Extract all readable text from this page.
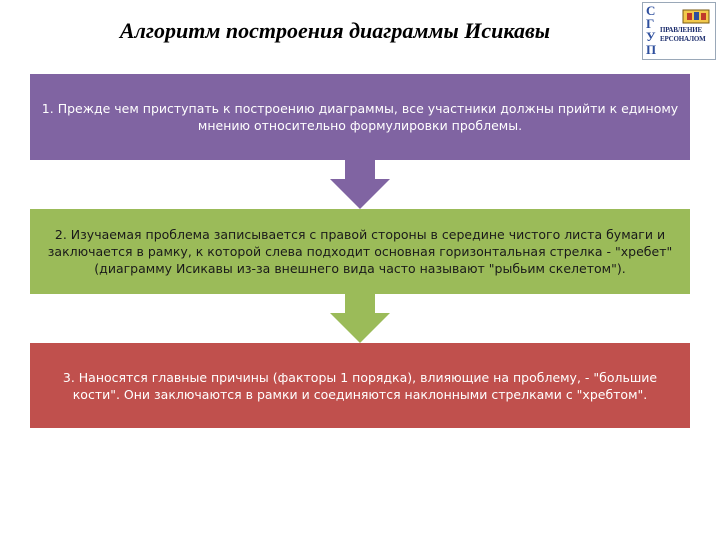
Алгоритм построения диаграммы Исикавы
С
Г
У
П
ПРАВЛЕНИЕ
ЕРСОНАЛОМ
1. Прежде чем приступать к построению диаграммы, все участники должны прийти к единому мнению относительно формулировки проблемы.
2. Изучаемая проблема записывается с правой стороны в середине чистого листа бумаги и заключается в рамку, к которой слева подходит основная горизонтальная стрелка - "хребет" (диаграмму Исикавы из-за внешнего вида часто называют "рыбьим скелетом").
3. Наносятся главные причины (факторы 1 порядка), влияющие на проблему, - "большие кости". Они заключаются в рамки и соединяются наклонными стрелками с "хребтом".
